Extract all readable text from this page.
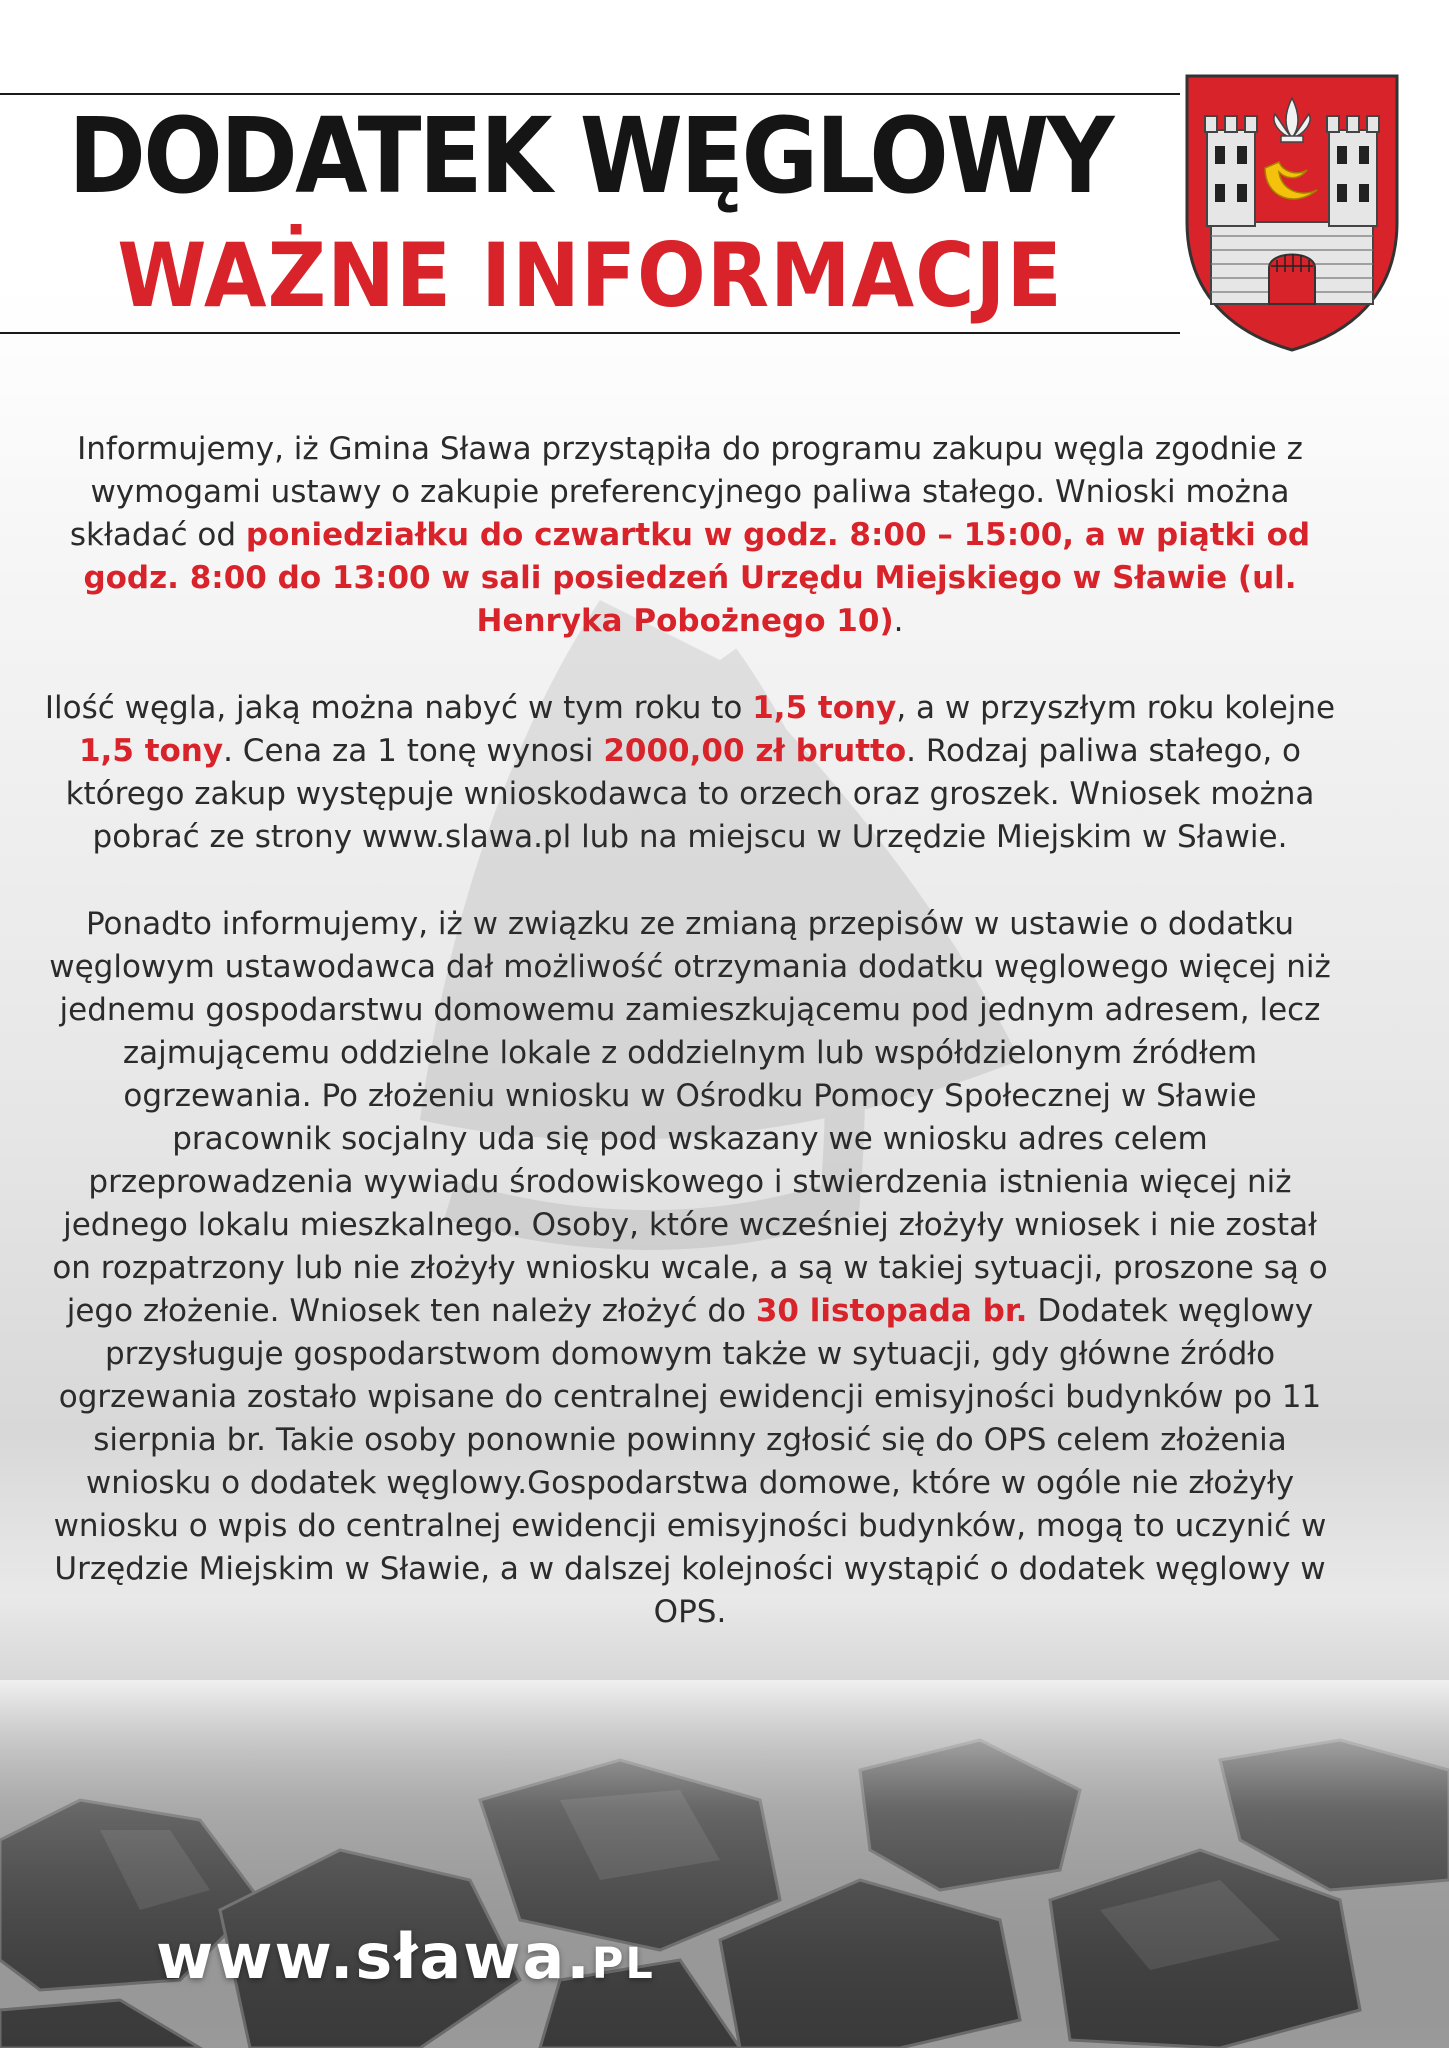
DODATEK WĘGLOWY
WAŻNE INFORMACJE

Informujemy, iż Gmina Sława przystąpiła do programu zakupu węgla zgodnie z wymogami ustawy o zakupie preferencyjnego paliwa stałego. Wnioski można składać od poniedziałku do czwartku w godz. 8:00 – 15:00, a w piątki od godz. 8:00 do 13:00 w sali posiedzeń Urzędu Miejskiego w Sławie (ul. Henryka Pobożnego 10).

Ilość węgla, jaką można nabyć w tym roku to 1,5 tony, a w przyszłym roku kolejne 1,5 tony. Cena za 1 tonę wynosi 2000,00 zł brutto. Rodzaj paliwa stałego, o którego zakup występuje wnioskodawca to orzech oraz groszek. Wniosek można pobrać ze strony www.slawa.pl lub na miejscu w Urzędzie Miejskim w Sławie.

Ponadto informujemy, iż w związku ze zmianą przepisów w ustawie o dodatku węglowym ustawodawca dał możliwość otrzymania dodatku węglowego więcej niż jednemu gospodarstwu domowemu zamieszkującemu pod jednym adresem, lecz zajmującemu oddzielne lokale z oddzielnym lub współdzielonym źródłem ogrzewania. Po złożeniu wniosku w Ośrodku Pomocy Społecznej w Sławie pracownik socjalny uda się pod wskazany we wniosku adres celem przeprowadzenia wywiadu środowiskowego i stwierdzenia istnienia więcej niż jednego lokalu mieszkalnego. Osoby, które wcześniej złożyły wniosek i nie został on rozpatrzony lub nie złożyły wniosku wcale, a są w takiej sytuacji, proszone są o jego złożenie. Wniosek ten należy złożyć do 30 listopada br. Dodatek węglowy przysługuje gospodarstwom domowym także w sytuacji, gdy główne źródło ogrzewania zostało wpisane do centralnej ewidencji emisyjności budynków po 11 sierpnia br. Takie osoby ponownie powinny zgłosić się do OPS celem złożenia wniosku o dodatek węglowy.Gospodarstwa domowe, które w ogóle nie złożyły wniosku o wpis do centralnej ewidencji emisyjności budynków, mogą to uczynić w Urzędzie Miejskim w Sławie, a w dalszej kolejności wystąpić o dodatek węglowy w OPS.

www.sława.pl
